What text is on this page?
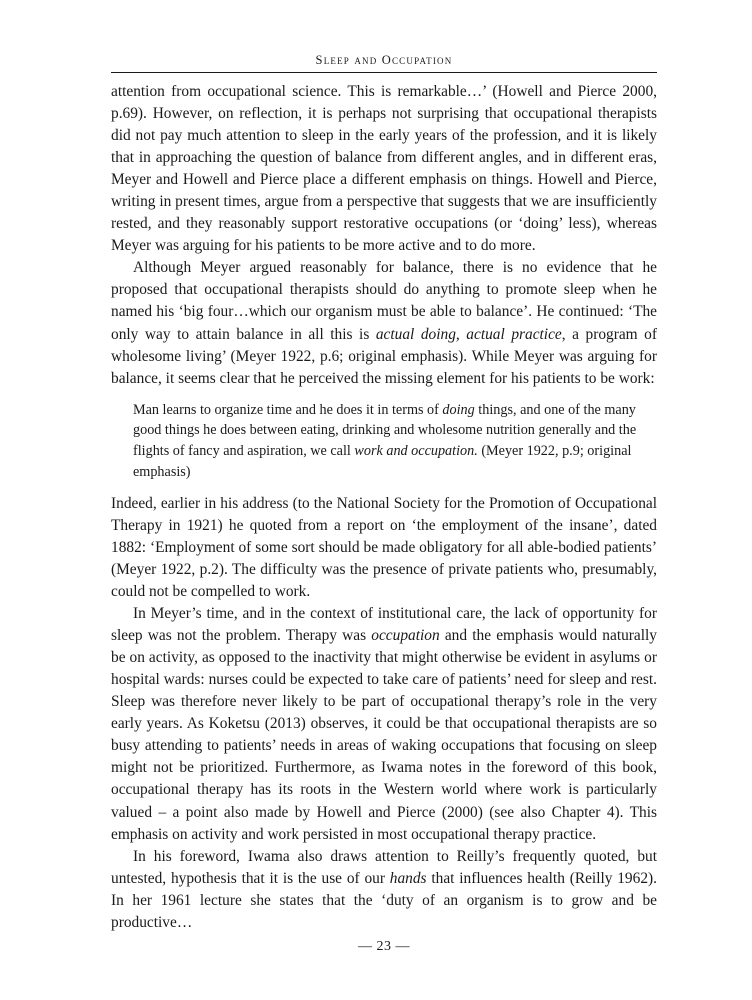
Sleep and Occupation

attention from occupational science. This is remarkable…’ (Howell and Pierce 2000, p.69). However, on reflection, it is perhaps not surprising that occupational therapists did not pay much attention to sleep in the early years of the profession, and it is likely that in approaching the question of balance from different angles, and in different eras, Meyer and Howell and Pierce place a different emphasis on things. Howell and Pierce, writing in present times, argue from a perspective that suggests that we are insufficiently rested, and they reasonably support restorative occupations (or ‘doing’ less), whereas Meyer was arguing for his patients to be more active and to do more.

Although Meyer argued reasonably for balance, there is no evidence that he proposed that occupational therapists should do anything to promote sleep when he named his ‘big four…which our organism must be able to balance’. He continued: ‘The only way to attain balance in all this is actual doing, actual practice, a program of wholesome living’ (Meyer 1922, p.6; original emphasis). While Meyer was arguing for balance, it seems clear that he perceived the missing element for his patients to be work:

Man learns to organize time and he does it in terms of doing things, and one of the many good things he does between eating, drinking and wholesome nutrition generally and the flights of fancy and aspiration, we call work and occupation. (Meyer 1922, p.9; original emphasis)

Indeed, earlier in his address (to the National Society for the Promotion of Occupational Therapy in 1921) he quoted from a report on ‘the employment of the insane’, dated 1882: ‘Employment of some sort should be made obligatory for all able-bodied patients’ (Meyer 1922, p.2). The difficulty was the presence of private patients who, presumably, could not be compelled to work.

In Meyer’s time, and in the context of institutional care, the lack of opportunity for sleep was not the problem. Therapy was occupation and the emphasis would naturally be on activity, as opposed to the inactivity that might otherwise be evident in asylums or hospital wards: nurses could be expected to take care of patients’ need for sleep and rest. Sleep was therefore never likely to be part of occupational therapy’s role in the very early years. As Koketsu (2013) observes, it could be that occupational therapists are so busy attending to patients’ needs in areas of waking occupations that focusing on sleep might not be prioritized. Furthermore, as Iwama notes in the foreword of this book, occupational therapy has its roots in the Western world where work is particularly valued – a point also made by Howell and Pierce (2000) (see also Chapter 4). This emphasis on activity and work persisted in most occupational therapy practice.

In his foreword, Iwama also draws attention to Reilly’s frequently quoted, but untested, hypothesis that it is the use of our hands that influences health (Reilly 1962). In her 1961 lecture she states that the ‘duty of an organism is to grow and be productive…

— 23 —
